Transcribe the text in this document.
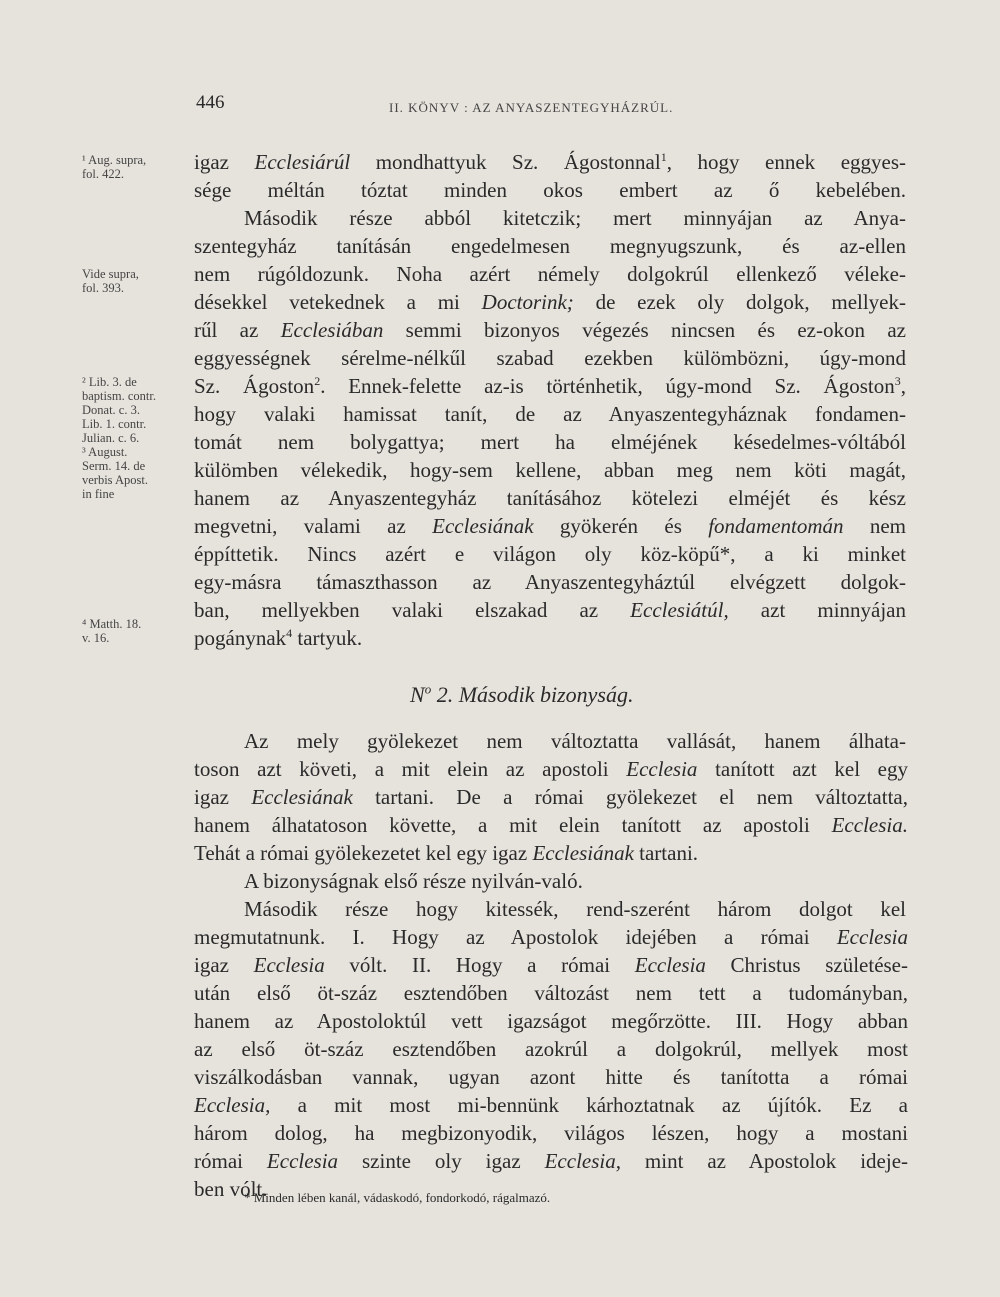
446	II. KÖNYV : AZ ANYASZENTEGYHÁZRÚL.
¹ Aug. supra,
fol. 422.
Vide supra,
fol. 393.
² Lib. 3. de
baptism. contr.
Donat. c. 3.
Lib. 1. contr.
Julian. c. 6.
³ August.
Serm. 14. de
verbis Apost.
in fine
⁴ Matth. 18.
v. 16.
igaz Ecclesiárúl mondhattyuk Sz. Ágostonnal$^1$, hogy ennek eggyes-
sége méltán tóztat minden okos embert az ő kebelében.
Második része abból kitetczik; mert minnyájan az Anya-
szentegyház tanításán engedelmesen megnyugszunk, és az-ellen
nem rúgóldozunk. Noha azért némely dolgokrúl ellenkező véleke-
désekkel vetekednek a mi Doctorink; de ezek oly dolgok, mellyek-
rűl az Ecclesiában semmi bizonyos végezés nincsen és ez-okon az
eggyességnek sérelme-nélkűl szabad ezekben külömbözni, úgy-mond
Sz. Ágoston$^2$. Ennek-felette az-is történhetik, úgy-mond Sz. Ágoston$^3$,
hogy valaki hamissat tanít, de az Anyaszentegyháznak fondamen-
tomát nem bolygattya; mert ha elméjének késedelmes-vóltából
külömben vélekedik, hogy-sem kellene, abban meg nem köti magát,
hanem az Anyaszentegyház tanításához kötelezi elméjét és kész
megvetni, valami az Ecclesiának gyökerén és fondamentomán nem
éppíttetik. Nincs azért e világon oly köz-köpű*, a ki minket
egy-másra támaszthasson az Anyaszentegyháztúl elvégzett dolgok-
ban, mellyekben valaki elszakad az Ecclesiátúl, azt minnyájan
pogánynak$^4$ tartyuk.
$N^o$ 2. Második bizonyság.
Az mely gyölekezet nem változtatta vallását, hanem álhata-
toson azt követi, a mit elein az apostoli Ecclesia tanított azt kel egy
igaz Ecclesiának tartani. De a római gyölekezet el nem változtatta,
hanem álhatatoson követte, a mit elein tanított az apostoli Ecclesia.
Tehát a római gyölekezetet kel egy igaz Ecclesiának tartani.
A bizonyságnak első része nyilván-való.
Második része hogy kitessék, rend-szerént három dolgot kel
megmutatnunk. I. Hogy az Apostolok idejében a római Ecclesia
igaz Ecclesia vólt. II. Hogy a római Ecclesia Christus születése-
után első öt-száz esztendőben változást nem tett a tudományban,
hanem az Apostoloktúl vett igazságot megőrzötte. III. Hogy abban
az első öt-száz esztendőben azokrúl a dolgokrúl, mellyek most
viszálkodásban vannak, ugyan azont hitte és tanította a római
Ecclesia, a mit most mi-bennünk kárhoztatnak az újítók. Ez a
három dolog, ha megbizonyodik, világos lészen, hogy a mostani
római Ecclesia szinte oly igaz Ecclesia, mint az Apostolok ideje-
ben vólt.
* Minden lében kanál, vádaskodó, fondorkodó, rágalmazó.
